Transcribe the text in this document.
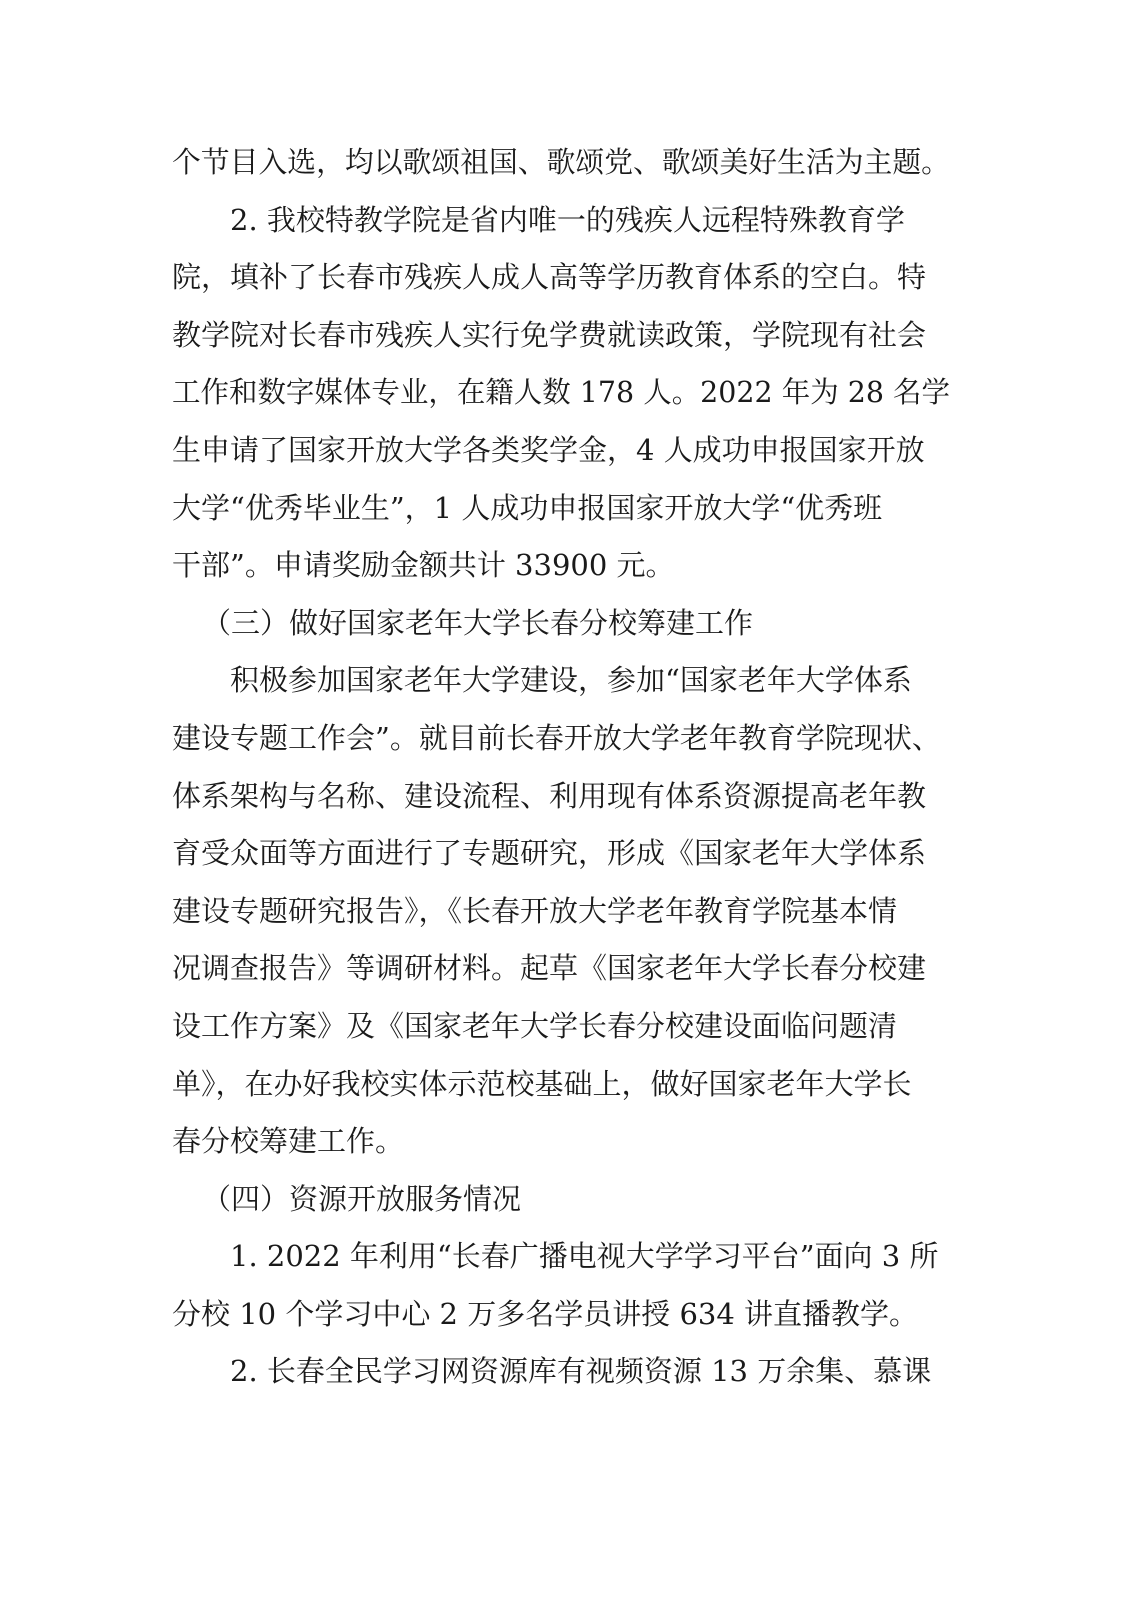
个节目入选，均以歌颂祖国、歌颂党、歌颂美好生活为主题。
2. 我校特教学院是省内唯一的残疾人远程特殊教育学
院，填补了长春市残疾人成人高等学历教育体系的空白。特
教学院对长春市残疾人实行免学费就读政策，学院现有社会
工作和数字媒体专业，在籍人数 178 人。2022 年为 28 名学
生申请了国家开放大学各类奖学金，4 人成功申报国家开放
大学“优秀毕业生”，1 人成功申报国家开放大学“优秀班
干部”。申请奖励金额共计 33900 元。
（三）做好国家老年大学长春分校筹建工作
积极参加国家老年大学建设，参加“国家老年大学体系
建设专题工作会”。就目前长春开放大学老年教育学院现状、
体系架构与名称、建设流程、利用现有体系资源提高老年教
育受众面等方面进行了专题研究，形成《国家老年大学体系
建设专题研究报告》，《长春开放大学老年教育学院基本情
况调查报告》等调研材料。起草《国家老年大学长春分校建
设工作方案》及《国家老年大学长春分校建设面临问题清
单》，在办好我校实体示范校基础上，做好国家老年大学长
春分校筹建工作。
（四）资源开放服务情况
1. 2022 年利用“长春广播电视大学学习平台”面向 3 所
分校 10 个学习中心 2 万多名学员讲授 634 讲直播教学。
2. 长春全民学习网资源库有视频资源 13 万余集、慕课
